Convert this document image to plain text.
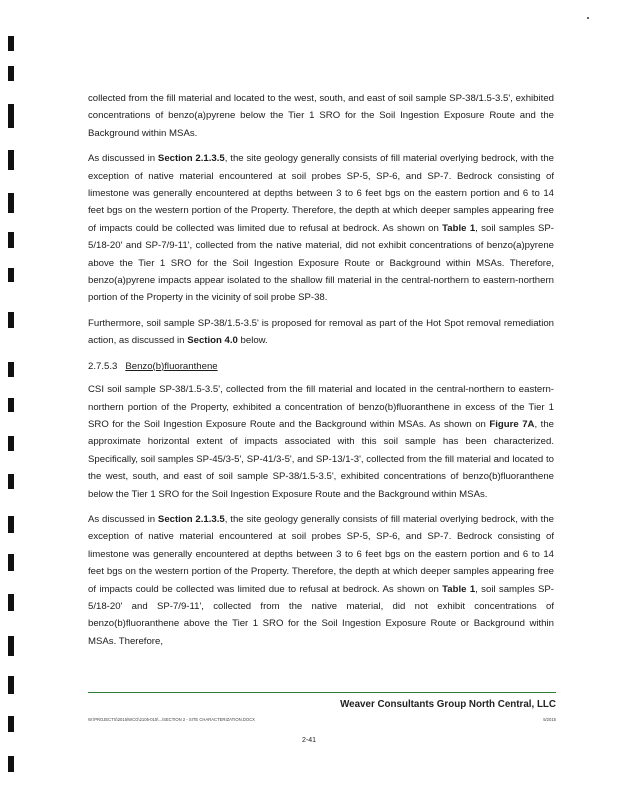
collected from the fill material and located to the west, south, and east of soil sample SP-38/1.5-3.5', exhibited concentrations of benzo(a)pyrene below the Tier 1 SRO for the Soil Ingestion Exposure Route and the Background within MSAs.

As discussed in Section 2.1.3.5, the site geology generally consists of fill material overlying bedrock, with the exception of native material encountered at soil probes SP-5, SP-6, and SP-7. Bedrock consisting of limestone was generally encountered at depths between 3 to 6 feet bgs on the eastern portion and 6 to 14 feet bgs on the western portion of the Property. Therefore, the depth at which deeper samples appearing free of impacts could be collected was limited due to refusal at bedrock. As shown on Table 1, soil samples SP-5/18-20' and SP-7/9-11', collected from the native material, did not exhibit concentrations of benzo(a)pyrene above the Tier 1 SRO for the Soil Ingestion Exposure Route or Background within MSAs. Therefore, benzo(a)pyrene impacts appear isolated to the shallow fill material in the central-northern to eastern-northern portion of the Property in the vicinity of soil probe SP-38.

Furthermore, soil sample SP-38/1.5-3.5' is proposed for removal as part of the Hot Spot removal remediation action, as discussed in Section 4.0 below.

2.7.5.3 Benzo(b)fluoranthene

CSI soil sample SP-38/1.5-3.5', collected from the fill material and located in the central-northern to eastern-northern portion of the Property, exhibited a concentration of benzo(b)fluoranthene in excess of the Tier 1 SRO for the Soil Ingestion Exposure Route and the Background within MSAs. As shown on Figure 7A, the approximate horizontal extent of impacts associated with this soil sample has been characterized. Specifically, soil samples SP-45/3-5', SP-41/3-5', and SP-13/1-3', collected from the fill material and located to the west, south, and east of soil sample SP-38/1.5-3.5', exhibited concentrations of benzo(b)fluoranthene below the Tier 1 SRO for the Soil Ingestion Exposure Route and the Background within MSAs.

As discussed in Section 2.1.3.5, the site geology generally consists of fill material overlying bedrock, with the exception of native material encountered at soil probes SP-5, SP-6, and SP-7. Bedrock consisting of limestone was generally encountered at depths between 3 to 6 feet bgs on the eastern portion and 6 to 14 feet bgs on the western portion of the Property. Therefore, the depth at which deeper samples appearing free of impacts could be collected was limited due to refusal at bedrock. As shown on Table 1, soil samples SP-5/18-20' and SP-7/9-11', collected from the native material, did not exhibit concentrations of benzo(b)fluoranthene above the Tier 1 SRO for the Soil Ingestion Exposure Route or Background within MSAs. Therefore,

Weaver Consultants Group North Central, LLC
W:\PROJECTS\2015\WCG\2105-015\...\SECTION 2 - SITE CHARACTERIZATION.DOCX	5/2015
2-41
